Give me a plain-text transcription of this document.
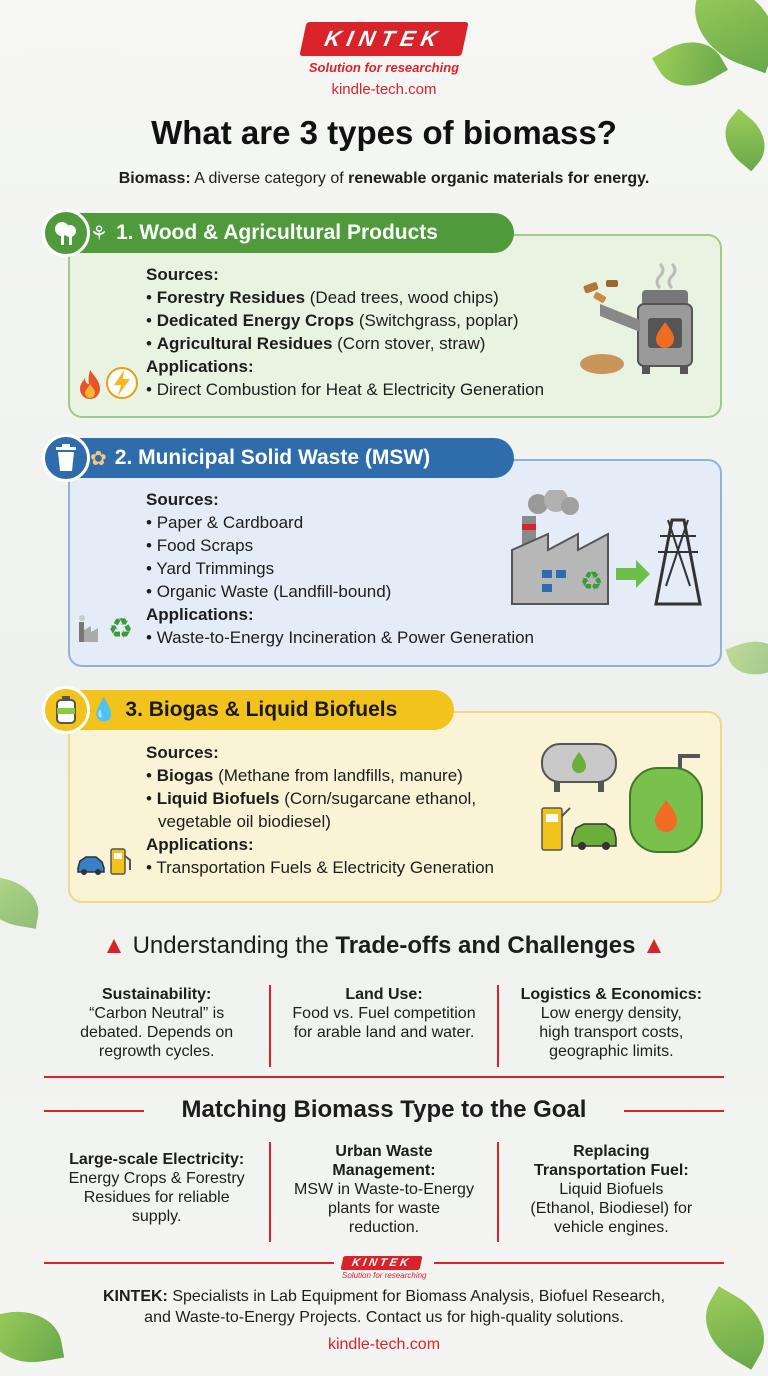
KINTEK
Solution for researching
kindle-tech.com
What are 3 types of biomass?
Biomass: A diverse category of renewable organic materials for energy.
⚘ 1. Wood & Agricultural Products
Sources:
• Forestry Residues (Dead trees, wood chips)
• Dedicated Energy Crops (Switchgrass, poplar)
• Agricultural Residues (Corn stover, straw)
Applications:
• Direct Combustion for Heat & Electricity Generation
✿ 2. Municipal Solid Waste (MSW)
Sources:
• Paper & Cardboard
• Food Scraps
• Yard Trimmings
• Organic Waste (Landfill-bound)
Applications:
• Waste-to-Energy Incineration & Power Generation
♻
♻
💧 3. Biogas & Liquid Biofuels
Sources:
• Biogas (Methane from landfills, manure)
• Liquid Biofuels (Corn/sugarcane ethanol,
vegetable oil biodiesel)
Applications:
• Transportation Fuels & Electricity Generation
▲ Understanding the Trade-offs and Challenges ▲
Sustainability:
“Carbon Neutral” is
debated. Depends on
regrowth cycles.
Land Use:
Food vs. Fuel competition
for arable land and water.
Logistics & Economics:
Low energy density,
high transport costs,
geographic limits.
Matching Biomass Type to the Goal
Large-scale Electricity:
Energy Crops & Forestry
Residues for reliable
supply.
Urban Waste
Management:
MSW in Waste-to-Energy
plants for waste
reduction.
Replacing
Transportation Fuel:
Liquid Biofuels
(Ethanol, Biodiesel) for
vehicle engines.
KINTEK
Solution for researching
KINTEK: Specialists in Lab Equipment for Biomass Analysis, Biofuel Research,
and Waste-to-Energy Projects. Contact us for high-quality solutions.
kindle-tech.com
